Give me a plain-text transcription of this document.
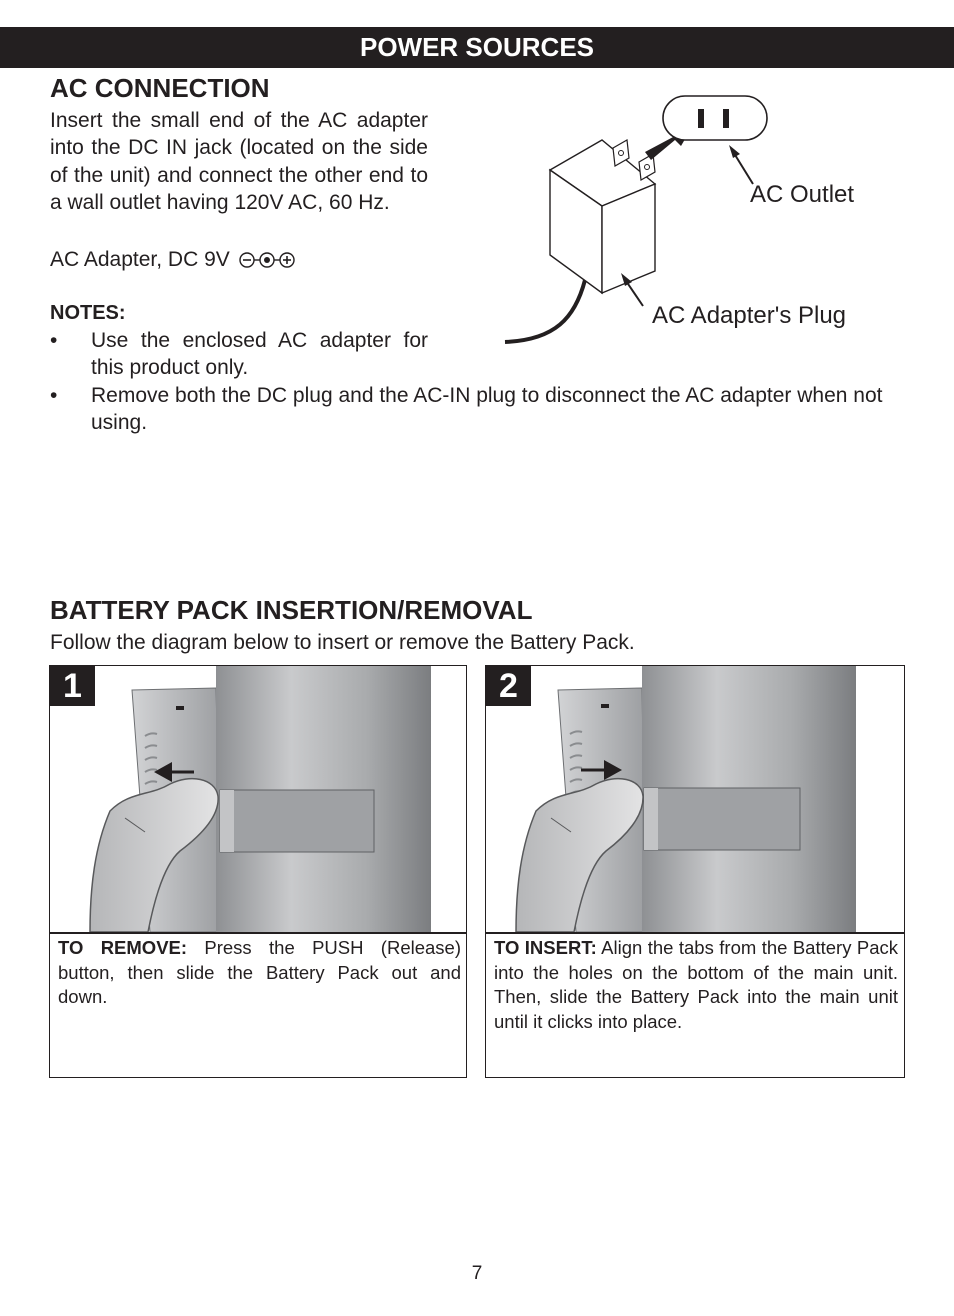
POWER SOURCES
AC CONNECTION

Insert the small end of the AC adapter into the DC IN jack (located on the side of the unit) and connect the other end to a wall outlet having 120V AC, 60 Hz.

AC Adapter, DC 9V
NOTES:
•	Use the enclosed AC adapter for this product only.
•	Remove both the DC plug and the AC-IN plug to disconnect the AC adapter when not using.
AC Outlet
AC Adapter's Plug
BATTERY PACK INSERTION/REMOVAL

Follow the diagram below to insert or remove the Battery Pack.

1

TO REMOVE: Press the PUSH (Release) button, then slide the Battery Pack out and down.

2

TO INSERT: Align the tabs from the Battery Pack into the holes on the bottom of the main unit. Then, slide the Battery Pack into the main unit until it clicks into place.

7
